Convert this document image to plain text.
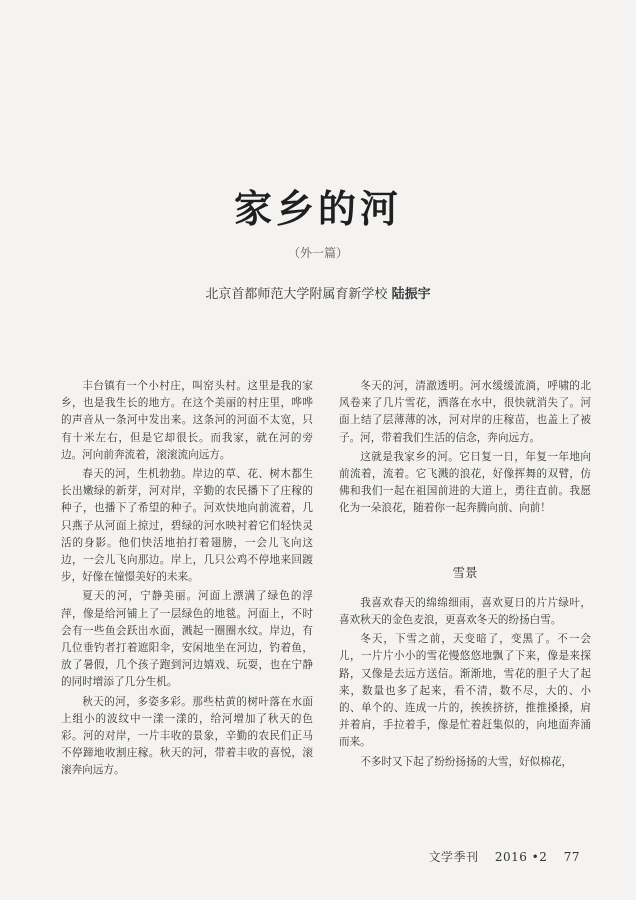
家乡的河
（外一篇）
北京首都师范大学附属育新学校 陆振宇

丰台镇有一个小村庄，叫窑头村。这里是我的家乡，也是我生长的地方。在这个美丽的村庄里，哗哗的声音从一条河中发出来。这条河的河面不太宽，只有十米左右，但是它却很长。而我家，就在河的旁边。河向前奔流着，滚滚流向远方。

春天的河，生机勃勃。岸边的草、花、树木都生长出嫩绿的新芽，河对岸，辛勤的农民播下了庄稼的种子，也播下了希望的种子。河欢快地向前流着，几只燕子从河面上掠过，碧绿的河水映衬着它们轻快灵活的身影。他们快活地拍打着翅膀，一会儿飞向这边，一会儿飞向那边。岸上，几只公鸡不停地来回踱步，好像在憧憬美好的未来。

夏天的河，宁静美丽。河面上漂满了绿色的浮萍，像是给河铺上了一层绿色的地毯。河面上，不时会有一些鱼会跃出水面，溅起一圈圈水纹。岸边，有几位垂钓者打着遮阳伞，安闲地坐在河边，钓着鱼，放了暑假，几个孩子跑到河边嬉戏、玩耍，也在宁静的同时增添了几分生机。

秋天的河，多姿多彩。那些枯黄的树叶落在水面上组小的波纹中一漾一漾的，给河增加了秋天的色彩。河的对岸，一片丰收的景象，辛勤的农民们正马不停蹄地收割庄稼。秋天的河，带着丰收的喜悦，滚滚奔向远方。

冬天的河，清澈透明。河水缓缓流淌，呼啸的北风卷来了几片雪花，洒落在水中，很快就消失了。河面上结了层薄薄的冰，河对岸的庄稼苗，也盖上了被子。河，带着我们生活的信念，奔向远方。

这就是我家乡的河。它日复一日，年复一年地向前流着，流着。它飞溅的浪花，好像挥舞的双臂，仿佛和我们一起在祖国前进的大道上，勇往直前。我愿化为一朵浪花，随着你一起奔腾向前、向前！

雪景

我喜欢春天的绵绵细雨，喜欢夏日的片片绿叶，喜欢秋天的金色麦浪，更喜欢冬天的纷扬白雪。

冬天，下雪之前，天变暗了，变黑了。不一会儿，一片片小小的雪花慢悠悠地飘了下来，像是来探路，又像是去远方送信。渐渐地，雪花的胆子大了起来，数量也多了起来，看不清，数不尽，大的、小的、单个的、连成一片的，挨挨挤挤，推推搡搡，肩并着肩，手拉着手，像是忙着赶集似的，向地面奔涌而来。

不多时又下起了纷纷扬扬的大雪，好似棉花，

文学季刊 2016 •2 77
